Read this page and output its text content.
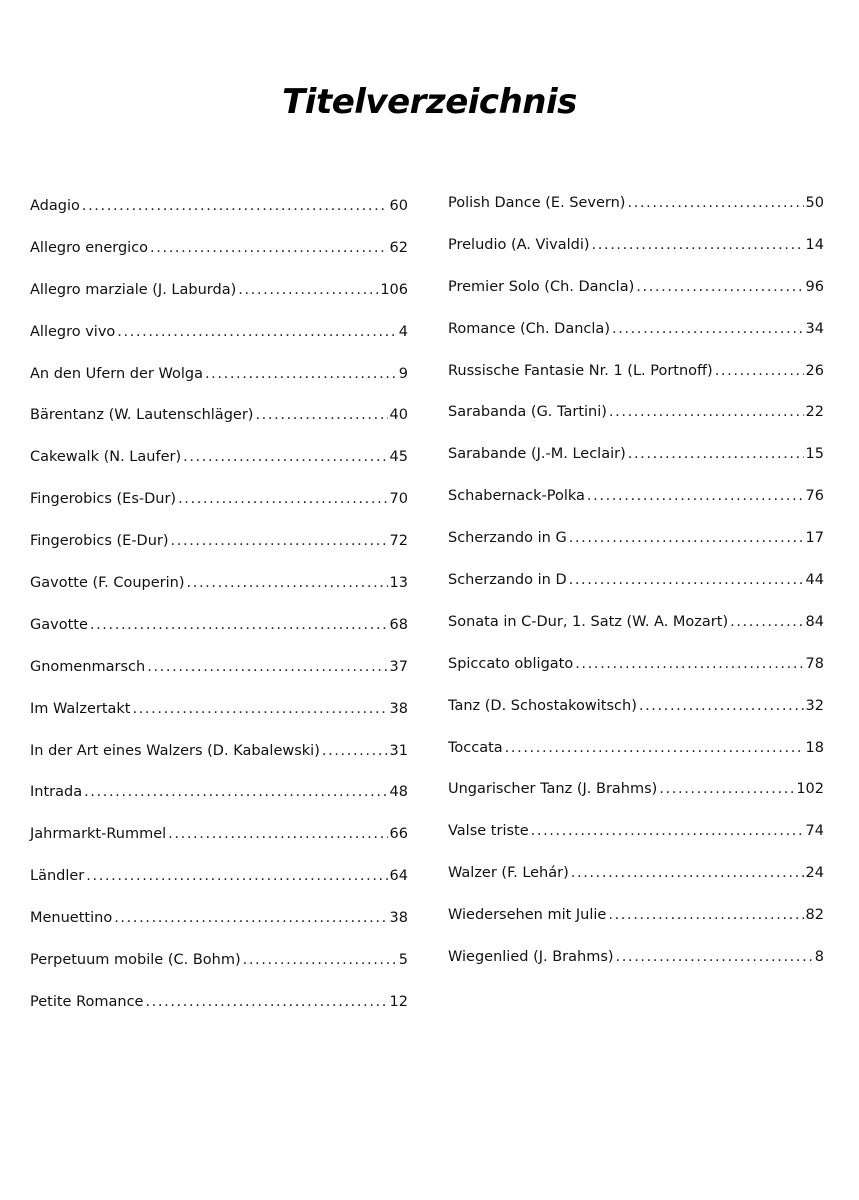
Titelverzeichnis
Adagio . . .	60
Allegro energico . . .	62
Allegro marziale (J. Laburda) . . .	106
Allegro vivo . . .	4
An den Ufern der Wolga . . .	9
Bärentanz (W. Lautenschläger) . . .	40
Cakewalk (N. Laufer) . . .	45
Fingerobics (Es-Dur) . . .	70
Fingerobics (E-Dur) . . .	72
Gavotte (F. Couperin) . . .	13
Gavotte . . .	68
Gnomenmarsch . . .	37
Im Walzertakt . . .	38
In der Art eines Walzers (D. Kabalewski) . . .	31
Intrada . . .	48
Jahrmarkt-Rummel . . .	66
Ländler . . .	64
Menuettino . . .	38
Perpetuum mobile (C. Bohm) . . .	5
Petite Romance . . .	12
Polish Dance (E. Severn) . . .	50
Preludio (A. Vivaldi) . . .	14
Premier Solo (Ch. Dancla) . . .	96
Romance (Ch. Dancla) . . .	34
Russische Fantasie Nr. 1 (L. Portnoff) . . .	26
Sarabanda (G. Tartini) . . .	22
Sarabande (J.-M. Leclair) . . .	15
Schabernack-Polka . . .	76
Scherzando in G . . .	17
Scherzando in D . . .	44
Sonata in C-Dur, 1. Satz (W. A. Mozart) . . .	84
Spiccato obligato . . .	78
Tanz (D. Schostakowitsch) . . .	32
Toccata . . .	18
Ungarischer Tanz (J. Brahms) . . .	102
Valse triste . . .	74
Walzer (F. Lehár) . . .	24
Wiedersehen mit Julie . . .	82
Wiegenlied (J. Brahms) . . .	8
